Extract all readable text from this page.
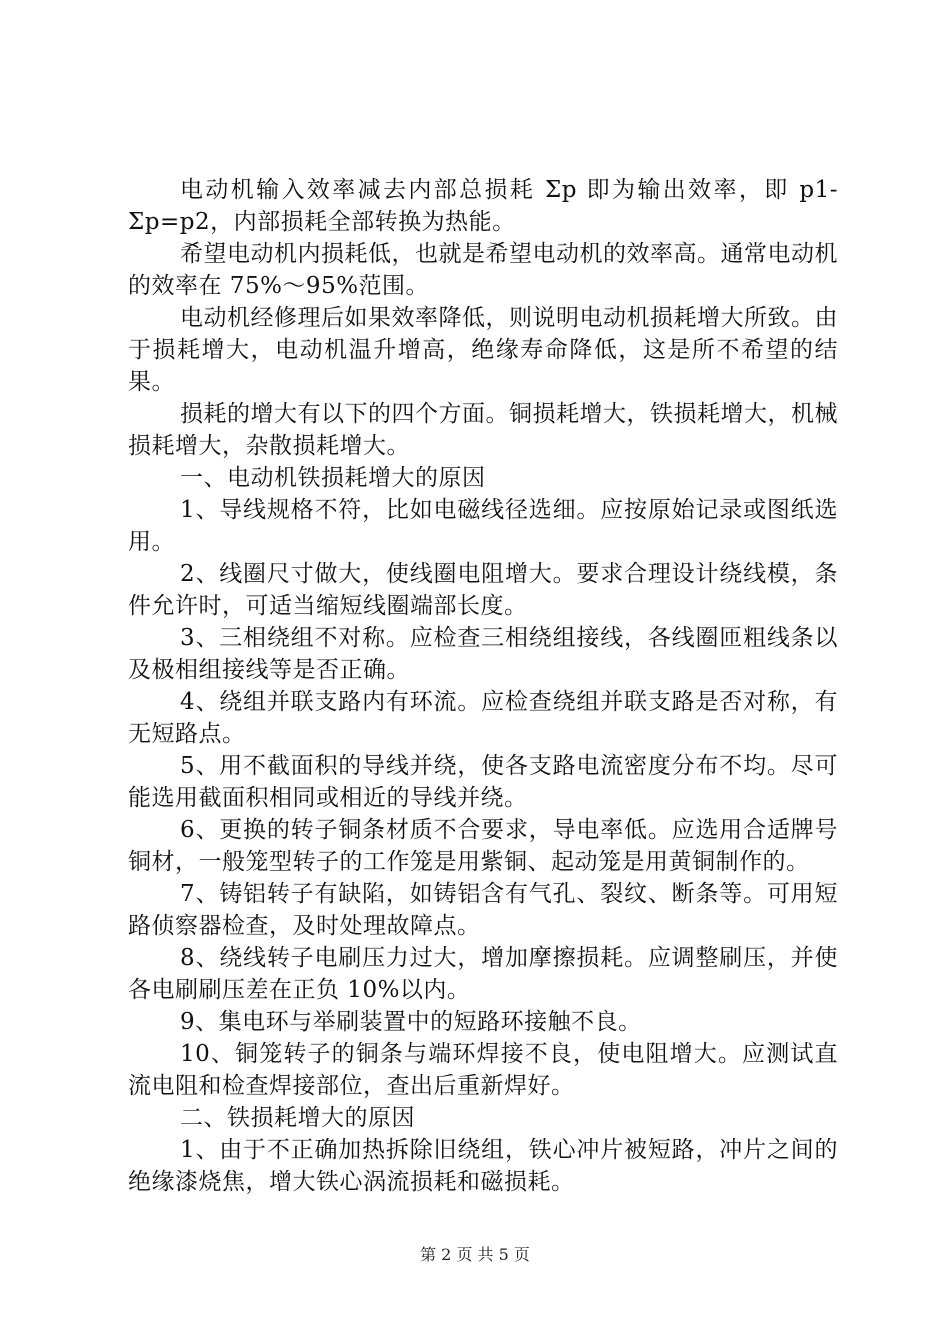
电动机输入效率减去内部总损耗 Σp 即为输出效率，即 p1-Σp=p2，内部损耗全部转换为热能。

希望电动机内损耗低，也就是希望电动机的效率高。通常电动机的效率在 75%～95%范围。

电动机经修理后如果效率降低，则说明电动机损耗增大所致。由于损耗增大，电动机温升增高，绝缘寿命降低，这是所不希望的结果。

损耗的增大有以下的四个方面。铜损耗增大，铁损耗增大，机械损耗增大，杂散损耗增大。

一、电动机铁损耗增大的原因

1、导线规格不符，比如电磁线径选细。应按原始记录或图纸选用。

2、线圈尺寸做大，使线圈电阻增大。要求合理设计绕线模，条件允许时，可适当缩短线圈端部长度。

3、三相绕组不对称。应检查三相绕组接线，各线圈匝粗线条以及极相组接线等是否正确。

4、绕组并联支路内有环流。应检查绕组并联支路是否对称，有无短路点。

5、用不截面积的导线并绕，使各支路电流密度分布不均。尽可能选用截面积相同或相近的导线并绕。

6、更换的转子铜条材质不合要求，导电率低。应选用合适牌号铜材，一般笼型转子的工作笼是用紫铜、起动笼是用黄铜制作的。

7、铸铝转子有缺陷，如铸铝含有气孔、裂纹、断条等。可用短路侦察器检查，及时处理故障点。

8、绕线转子电刷压力过大，增加摩擦损耗。应调整刷压，并使各电刷刷压差在正负 10%以内。

9、集电环与举刷装置中的短路环接触不良。

10、铜笼转子的铜条与端环焊接不良，使电阻增大。应测试直流电阻和检查焊接部位，查出后重新焊好。

二、铁损耗增大的原因

1、由于不正确加热拆除旧绕组，铁心冲片被短路，冲片之间的绝缘漆烧焦，增大铁心涡流损耗和磁损耗。

第 2 页 共 5 页
